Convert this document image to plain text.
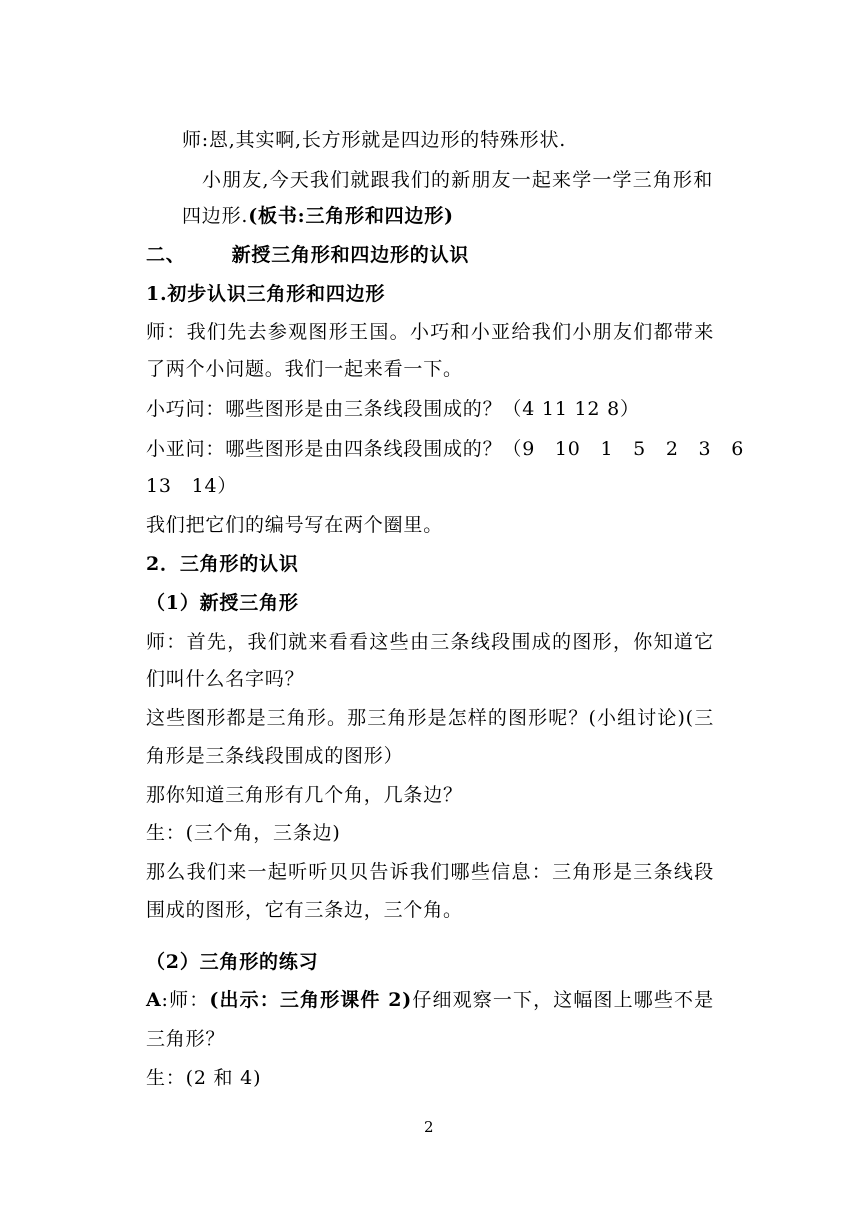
师:恩,其实啊,长方形就是四边形的特殊形状.
小朋友,今天我们就跟我们的新朋友一起来学一学三角形和
四边形.(板书:三角形和四边形)
二、 新授三角形和四边形的认识
1.初步认识三角形和四边形
师：我们先去参观图形王国。小巧和小亚给我们小朋友们都带来
了两个小问题。我们一起来看一下。
小巧问：哪些图形是由三条线段围成的？（4 11 12 8）
小亚问：哪些图形是由四条线段围成的？（9　10　1　5　2　3　6
13　14）
我们把它们的编号写在两个圈里。
2．三角形的认识
（1）新授三角形
师：首先，我们就来看看这些由三条线段围成的图形，你知道它
们叫什么名字吗？
这些图形都是三角形。那三角形是怎样的图形呢？(小组讨论)(三
角形是三条线段围成的图形）
那你知道三角形有几个角，几条边？
生：(三个角，三条边)
那么我们来一起听听贝贝告诉我们哪些信息：三角形是三条线段
围成的图形，它有三条边，三个角。
（2）三角形的练习
A:师：(出示：三角形课件 2)仔细观察一下，这幅图上哪些不是
三角形？
生：(2 和 4)
2
